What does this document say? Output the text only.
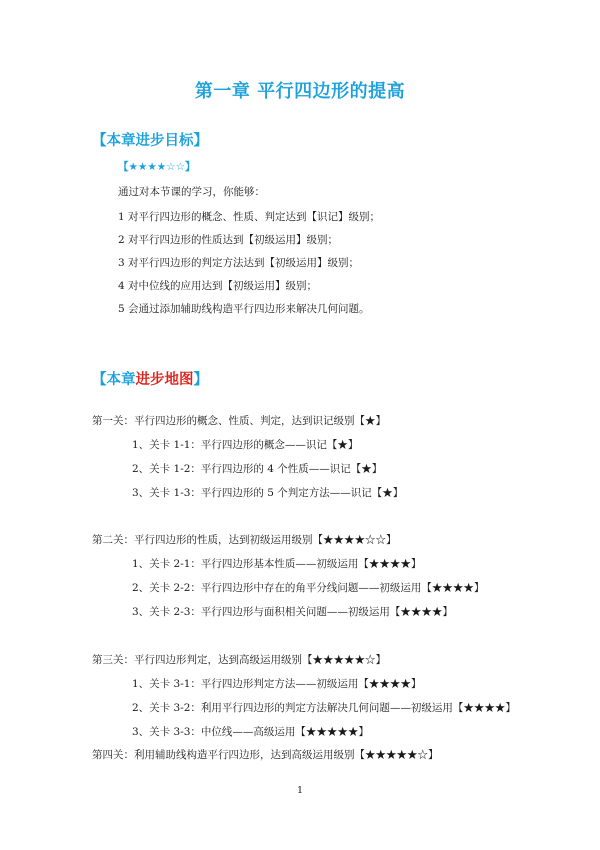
第一章 平行四边形的提高
【本章进步目标】
【★★★★☆☆】
通过对本节课的学习，你能够：
1 对平行四边形的概念、性质、判定达到【识记】级别；
2 对平行四边形的性质达到【初级运用】级别；
3 对平行四边形的判定方法达到【初级运用】级别；
4 对中位线的应用达到【初级运用】级别；
5 会通过添加辅助线构造平行四边形来解决几何问题。
【本章进步地图】
第一关：平行四边形的概念、性质、判定，达到识记级别【★】
1、关卡 1-1：平行四边形的概念——识记【★】
2、关卡 1-2：平行四边形的 4 个性质——识记【★】
3、关卡 1-3：平行四边形的 5 个判定方法——识记【★】
第二关：平行四边形的性质，达到初级运用级别【★★★★☆☆】
1、关卡 2-1：平行四边形基本性质——初级运用【★★★★】
2、关卡 2-2：平行四边形中存在的角平分线问题——初级运用【★★★★】
3、关卡 2-3：平行四边形与面积相关问题——初级运用【★★★★】
第三关：平行四边形判定，达到高级运用级别【★★★★★☆】
1、关卡 3-1：平行四边形判定方法——初级运用【★★★★】
2、关卡 3-2：利用平行四边形的判定方法解决几何问题——初级运用【★★★★】
3、关卡 3-3：中位线——高级运用【★★★★★】
第四关：利用辅助线构造平行四边形，达到高级运用级别【★★★★★☆】
1
